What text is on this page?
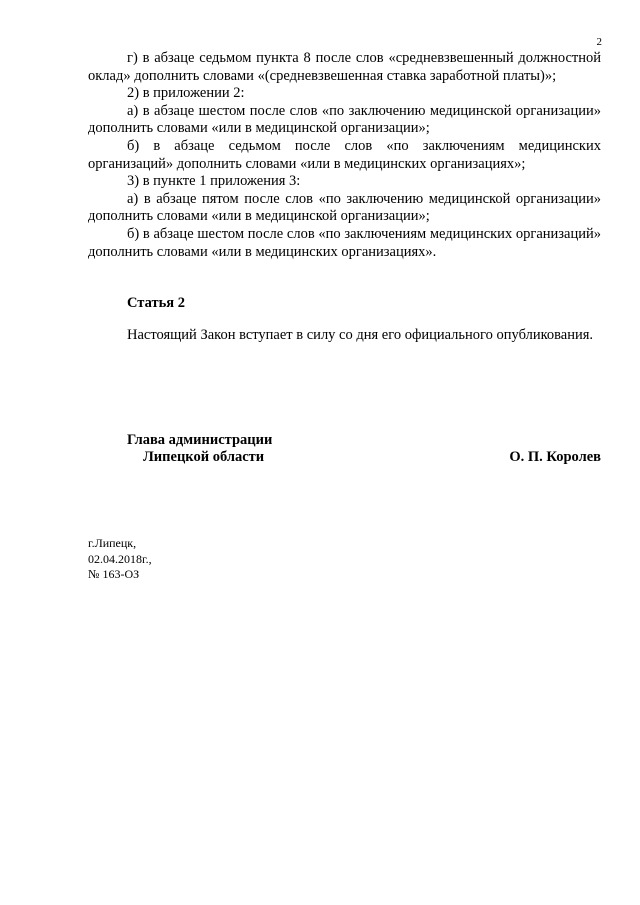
2

г) в абзаце седьмом пункта 8 после слов «средневзвешенный должностной оклад» дополнить словами «(средневзвешенная ставка заработной платы)»;

2) в приложении 2:

а) в абзаце шестом после слов «по заключению медицинской организации» дополнить словами «или в медицинской организации»;

б) в абзаце седьмом после слов «по заключениям медицинских организаций» дополнить словами «или в медицинских организациях»;

3) в пункте 1 приложения 3:

а) в абзаце пятом после слов «по заключению медицинской организации» дополнить словами «или в медицинской организации»;

б) в абзаце шестом после слов «по заключениям медицинских организаций» дополнить словами «или в медицинских организациях».

Статья 2

Настоящий Закон вступает в силу со дня его официального опубликования.

Глава администрации

Липецкой области	О. П. Королев

г.Липецк,
02.04.2018г.,
№ 163-ОЗ
